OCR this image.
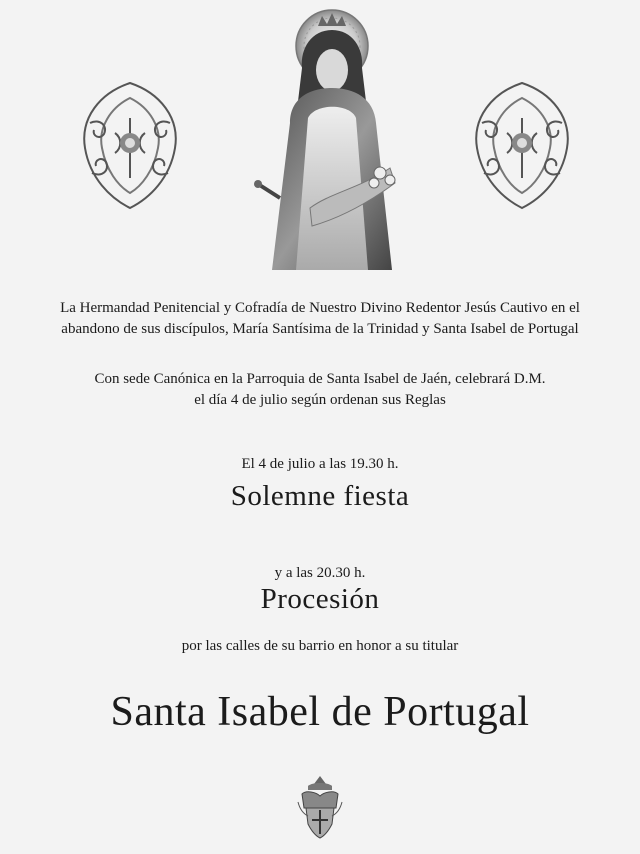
La Hermandad Penitencial y Cofradía de Nuestro Divino Redentor Jesús Cautivo en el
abandono de sus discípulos, María Santísima de la Trinidad y Santa Isabel de Portugal
Con sede Canónica en la Parroquia de Santa Isabel de Jaén, celebrará D.M.
el día 4 de julio según ordenan sus Reglas
El 4 de julio a las 19.30 h.
Solemne fiesta
y a las 20.30 h.
Procesión
por las calles de su barrio en honor a su titular
Santa Isabel de Portugal
